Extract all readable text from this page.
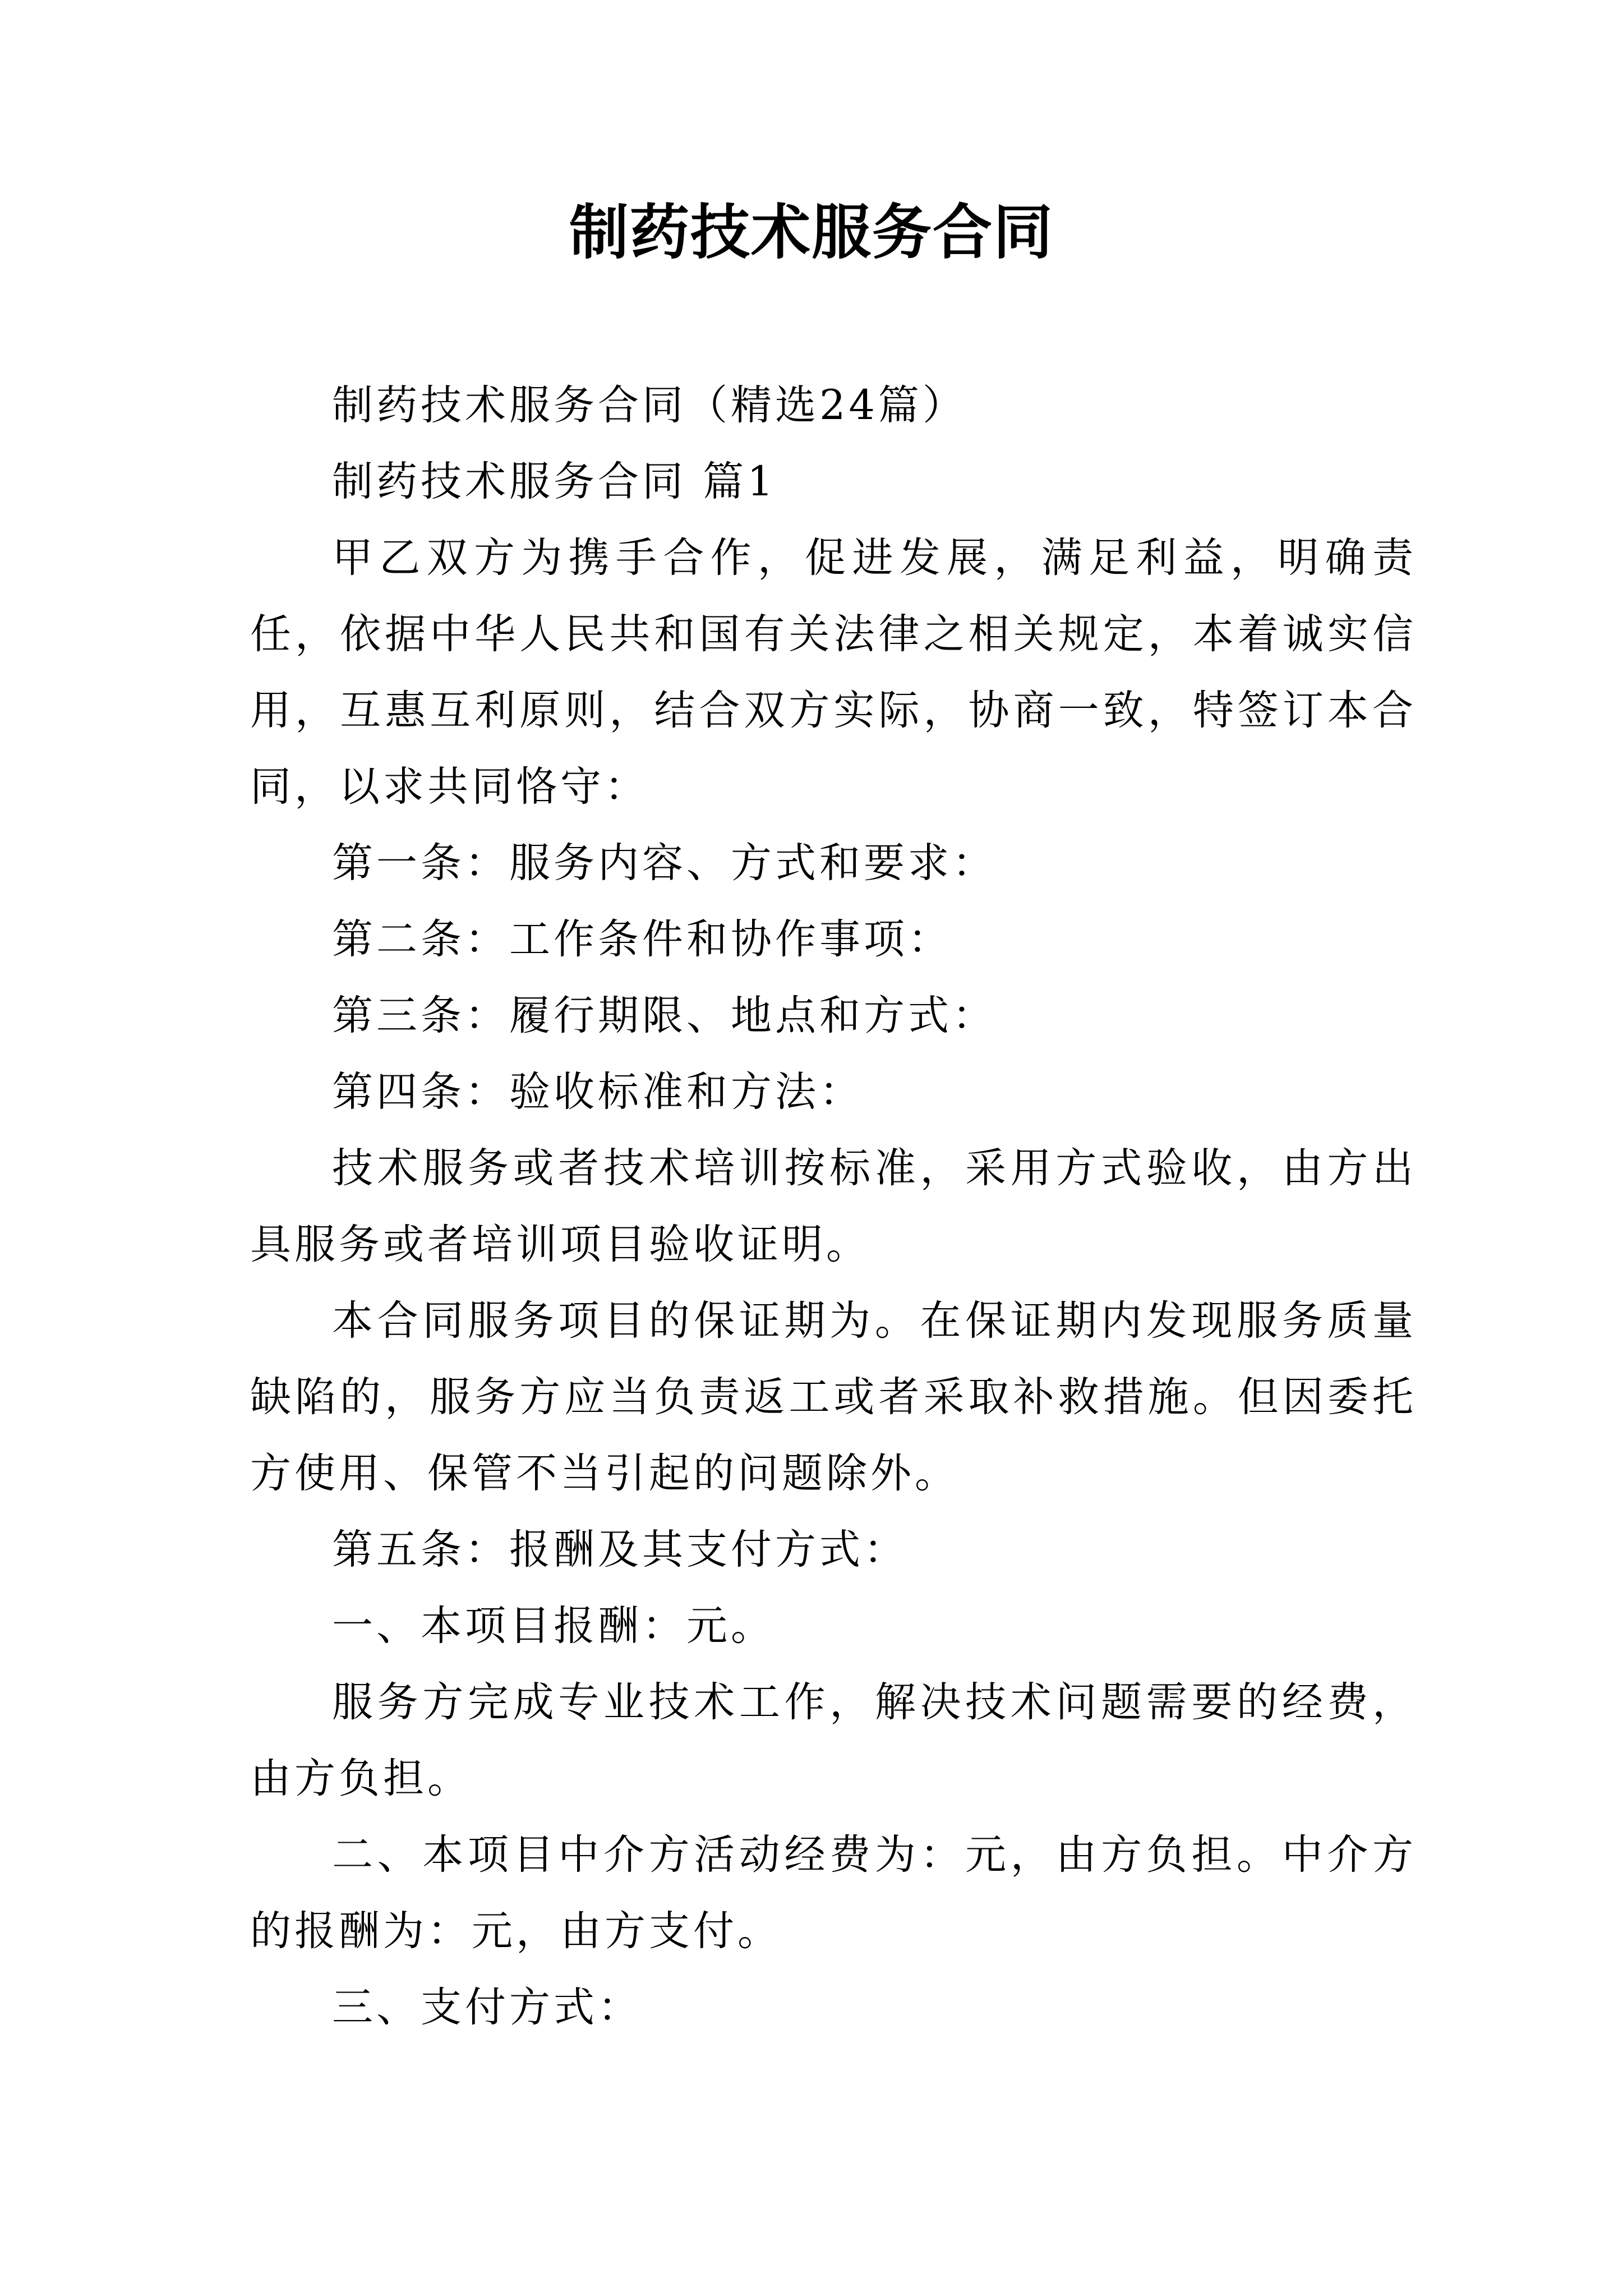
制药技术服务合同

制药技术服务合同（精选24篇）

制药技术服务合同 篇1

甲乙双方为携手合作，促进发展，满足利益，明确责任，依据中华人民共和国有关法律之相关规定，本着诚实信用，互惠互利原则，结合双方实际，协商一致，特签订本合同，以求共同恪守：

第一条：服务内容、方式和要求：

第二条：工作条件和协作事项：

第三条：履行期限、地点和方式：

第四条：验收标准和方法：

技术服务或者技术培训按标准，采用方式验收，由方出具服务或者培训项目验收证明。

本合同服务项目的保证期为。在保证期内发现服务质量缺陷的，服务方应当负责返工或者采取补救措施。但因委托方使用、保管不当引起的问题除外。

第五条：报酬及其支付方式：

一、本项目报酬：元。

服务方完成专业技术工作，解决技术问题需要的经费，由方负担。

二、本项目中介方活动经费为：元，由方负担。中介方的报酬为：元，由方支付。

三、支付方式：
